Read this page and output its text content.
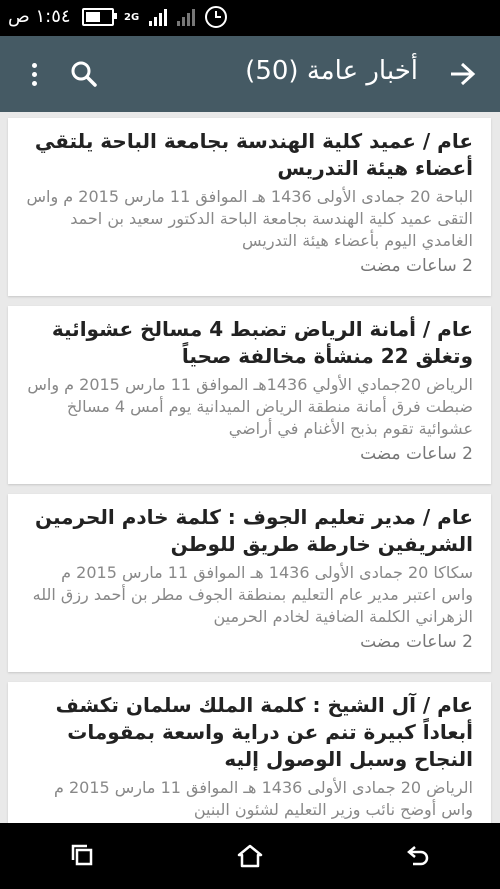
١:٥٤ ص	2G
أخبار عامة (50)
عام / عميد كلية الهندسة بجامعة الباحة يلتقي أعضاء هيئة التدريس
الباحة 20 جمادى الأولى 1436 هـ الموافق 11 مارس 2015 م واس التقى عميد كلية الهندسة بجامعة الباحة الدكتور سعيد بن احمد الغامدي اليوم بأعضاء هيئة التدريس
2 ساعات مضت
عام / أمانة الرياض تضبط 4 مسالخ عشوائية وتغلق 22 منشأة مخالفة صحياً
الرياض 20جمادي الأولي 1436هـ الموافق 11 مارس 2015 م واس ضبطت فرق أمانة منطقة الرياض الميدانية يوم أمس 4 مسالخ عشوائية تقوم بذبح الأغنام في أراضي
2 ساعات مضت
عام / مدير تعليم الجوف : كلمة خادم الحرمين الشريفين خارطة طريق للوطن
سكاكا 20 جمادى الأولى 1436 هـ الموافق 11 مارس 2015 م واس اعتبر مدير عام التعليم بمنطقة الجوف مطر بن أحمد رزق الله الزهراني الكلمة الضافية لخادم الحرمين
2 ساعات مضت
عام / آل الشيخ : كلمة الملك سلمان تكشف أبعاداً كبيرة تنم عن دراية واسعة بمقومات النجاح وسبل الوصول إليه
الرياض 20 جمادى الأولى 1436 هـ الموافق 11 مارس 2015 م واس أوضح نائب وزير التعليم لشئون البنين
